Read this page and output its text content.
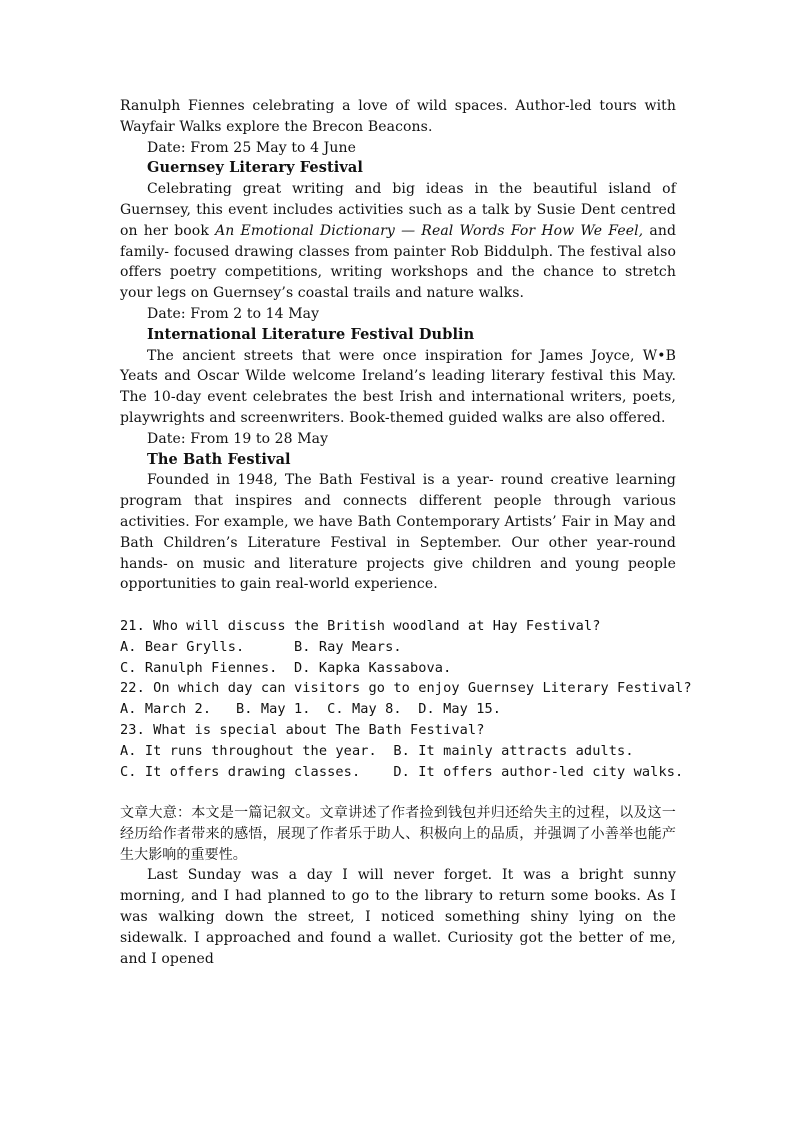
Ranulph Fiennes celebrating a love of wild spaces. Author-led tours with Wayfair Walks explore the Brecon Beacons.

Date: From 25 May to 4 June

Guernsey Literary Festival

Celebrating great writing and big ideas in the beautiful island of Guernsey, this event includes activities such as a talk by Susie Dent centred on her book An Emotional Dictionary — Real Words For How We Feel, and family- focused drawing classes from painter Rob Biddulph. The festival also offers poetry competitions, writing workshops and the chance to stretch your legs on Guernsey’s coastal trails and nature walks.

Date: From 2 to 14 May

International Literature Festival Dublin

The ancient streets that were once inspiration for James Joyce, W•B Yeats and Oscar Wilde welcome Ireland’s leading literary festival this May. The 10-day event celebrates the best Irish and international writers, poets, playwrights and screenwriters. Book-themed guided walks are also offered.

Date: From 19 to 28 May

The Bath Festival

Founded in 1948, The Bath Festival is a year- round creative learning program that inspires and connects different people through various activities. For example, we have Bath Contemporary Artists’ Fair in May and Bath Children’s Literature Festival in September. Our other year-round hands- on music and literature projects give children and young people opportunities to gain real-world experience.

21. Who will discuss the British woodland at Hay Festival?

A. Bear Grylls.      B. Ray Mears.

C. Ranulph Fiennes.  D. Kapka Kassabova.

22. On which day can visitors go to enjoy Guernsey Literary Festival?

A. March 2.   B. May 1.  C. May 8.  D. May 15.

23. What is special about The Bath Festival?

A. It runs throughout the year.  B. It mainly attracts adults.

C. It offers drawing classes.    D. It offers author-led city walks.

文章大意：本文是一篇记叙文。文章讲述了作者捡到钱包并归还给失主的过程，以及这一经历给作者带来的感悟，展现了作者乐于助人、积极向上的品质，并强调了小善举也能产生大影响的重要性。

Last Sunday was a day I will never forget. It was a bright sunny morning, and I had planned to go to the library to return some books. As I was walking down the street, I noticed something shiny lying on the sidewalk. I approached and found a wallet. Curiosity got the better of me, and I opened
